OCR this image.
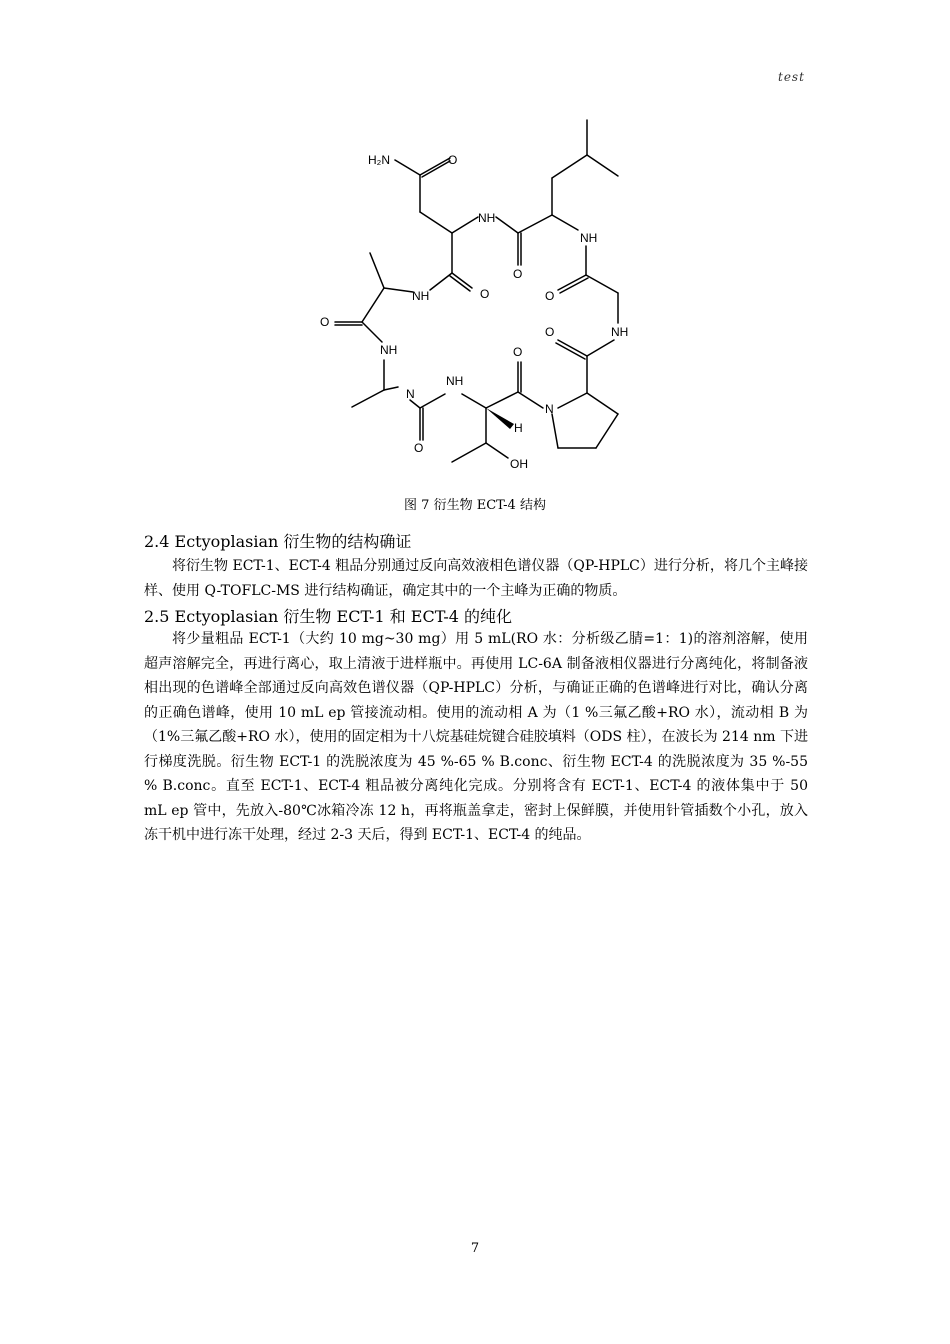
test
H₂N	O
NH
NH
O
O
O
NH
O
NH
O
NH	O
NH
N
N
H
O
OH
图 7 衍生物 ECT-4 结构
2.4 Ectyoplasian 衍生物的结构确证

将衍生物 ECT-1、ECT-4 粗品分别通过反向高效液相色谱仪器（QP-HPLC）进行分析，将几个主峰接样、使用 Q-TOFLC-MS 进行结构确证，确定其中的一个主峰为正确的物质。

2.5 Ectyoplasian 衍生物 ECT-1 和 ECT-4 的纯化

将少量粗品 ECT-1（大约 10 mg~30 mg）用 5 mL(RO 水：分析级乙腈=1：1)的溶剂溶解，使用超声溶解完全，再进行离心，取上清液于进样瓶中。再使用 LC-6A 制备液相仪器进行分离纯化，将制备液相出现的色谱峰全部通过反向高效色谱仪器（QP-HPLC）分析，与确证正确的色谱峰进行对比，确认分离的正确色谱峰，使用 10 mL ep 管接流动相。使用的流动相 A 为（1 %三氟乙酸+RO 水），流动相 B 为（1%三氟乙酸+RO 水），使用的固定相为十八烷基硅烷键合硅胶填料（ODS 柱），在波长为 214 nm 下进行梯度洗脱。衍生物 ECT-1 的洗脱浓度为 45 %-65 % B.conc、衍生物 ECT-4 的洗脱浓度为 35 %-55 % B.conc。直至 ECT-1、ECT-4 粗品被分离纯化完成。分别将含有 ECT-1、ECT-4 的液体集中于 50 mL ep 管中，先放入-80℃冰箱冷冻 12 h，再将瓶盖拿走，密封上保鲜膜，并使用针管插数个小孔，放入冻干机中进行冻干处理，经过 2-3 天后，得到 ECT-1、ECT-4 的纯品。

7
